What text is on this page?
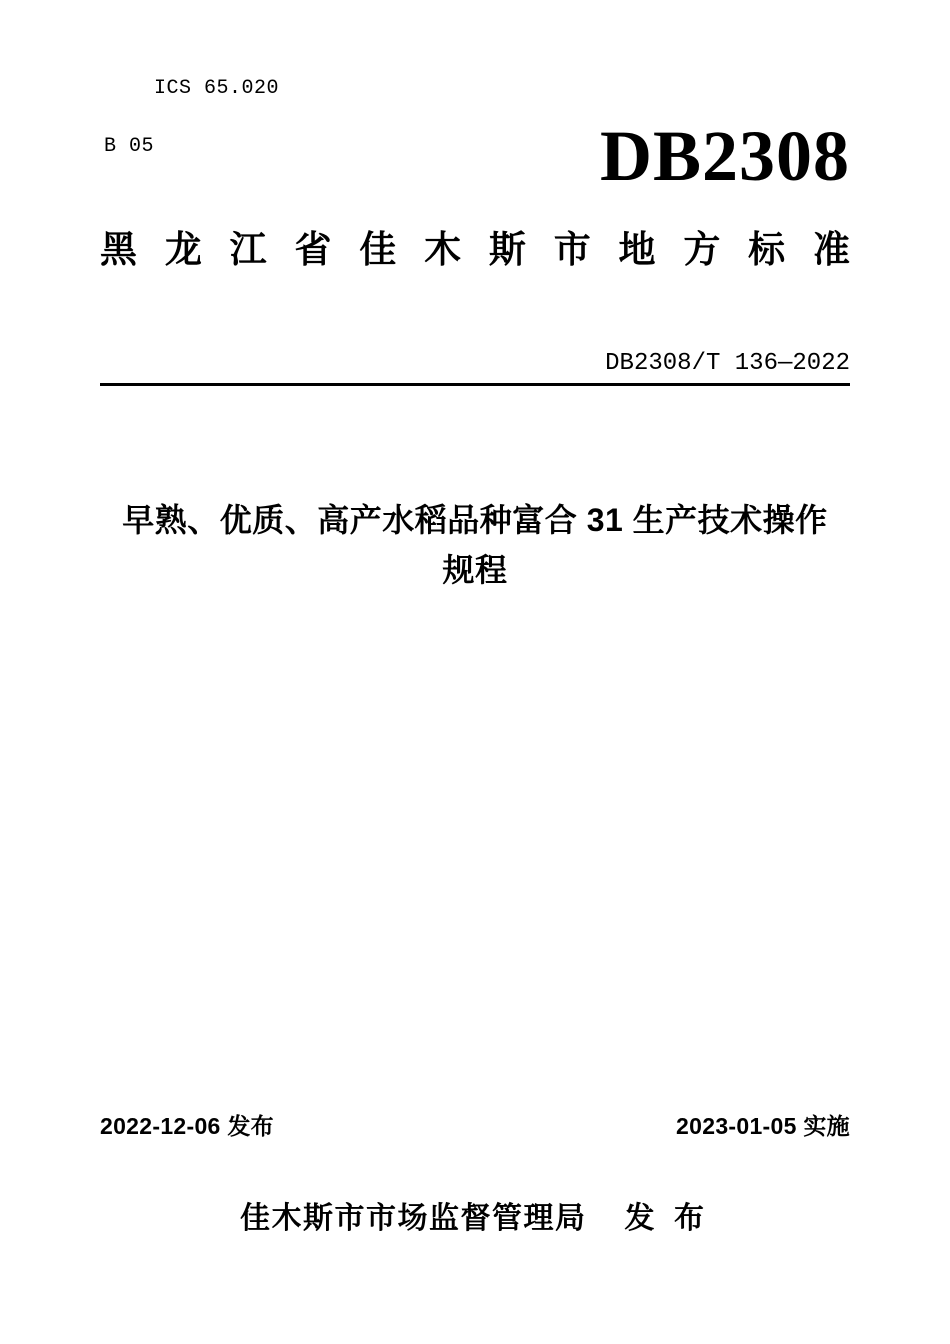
ICS 65.020

B 05

	DB2308
黑龙江省佳木斯市地方标准
DB2308/T 136—2022
早熟、优质、高产水稻品种富合 31 生产技术操作规程
2022-12-06 发布	2023-01-05 实施
佳木斯市市场监督管理局 发 布
